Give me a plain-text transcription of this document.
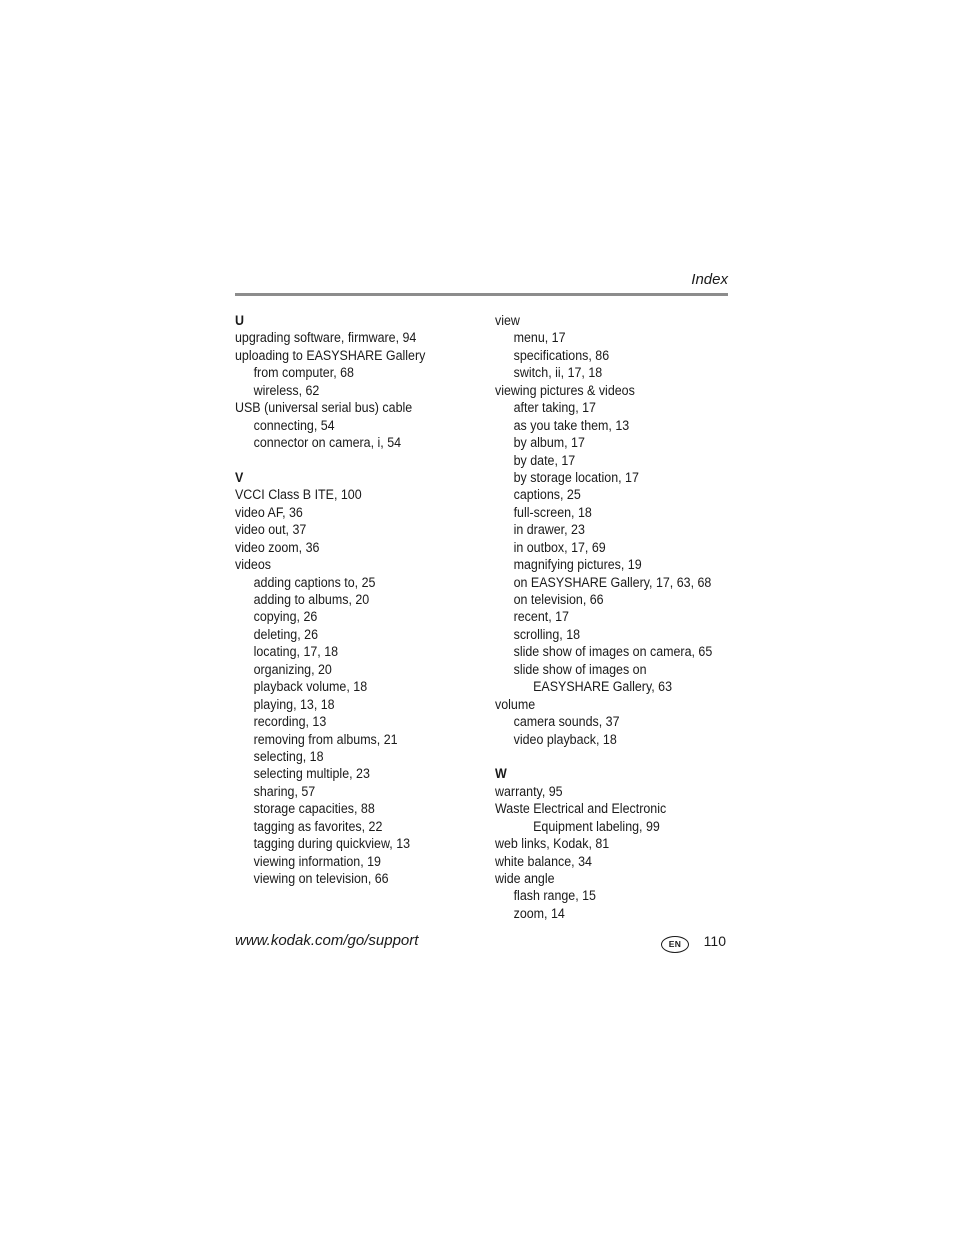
Index
U
upgrading software, firmware, 94
uploading to EASYSHARE Gallery
from computer, 68
wireless, 62
USB (universal serial bus) cable
connecting, 54
connector on camera, i, 54
V
VCCI Class B ITE, 100
video AF, 36
video out, 37
video zoom, 36
videos
adding captions to, 25
adding to albums, 20
copying, 26
deleting, 26
locating, 17, 18
organizing, 20
playback volume, 18
playing, 13, 18
recording, 13
removing from albums, 21
selecting, 18
selecting multiple, 23
sharing, 57
storage capacities, 88
tagging as favorites, 22
tagging during quickview, 13
viewing information, 19
viewing on television, 66
view
menu, 17
specifications, 86
switch, ii, 17, 18
viewing pictures & videos
after taking, 17
as you take them, 13
by album, 17
by date, 17
by storage location, 17
captions, 25
full-screen, 18
in drawer, 23
in outbox, 17, 69
magnifying pictures, 19
on EASYSHARE Gallery, 17, 63, 68
on television, 66
recent, 17
scrolling, 18
slide show of images on camera, 65
slide show of images on
EASYSHARE Gallery, 63
volume
camera sounds, 37
video playback, 18
W
warranty, 95
Waste Electrical and Electronic
Equipment labeling, 99
web links, Kodak, 81
white balance, 34
wide angle
flash range, 15
zoom, 14
www.kodak.com/go/support	EN	110
